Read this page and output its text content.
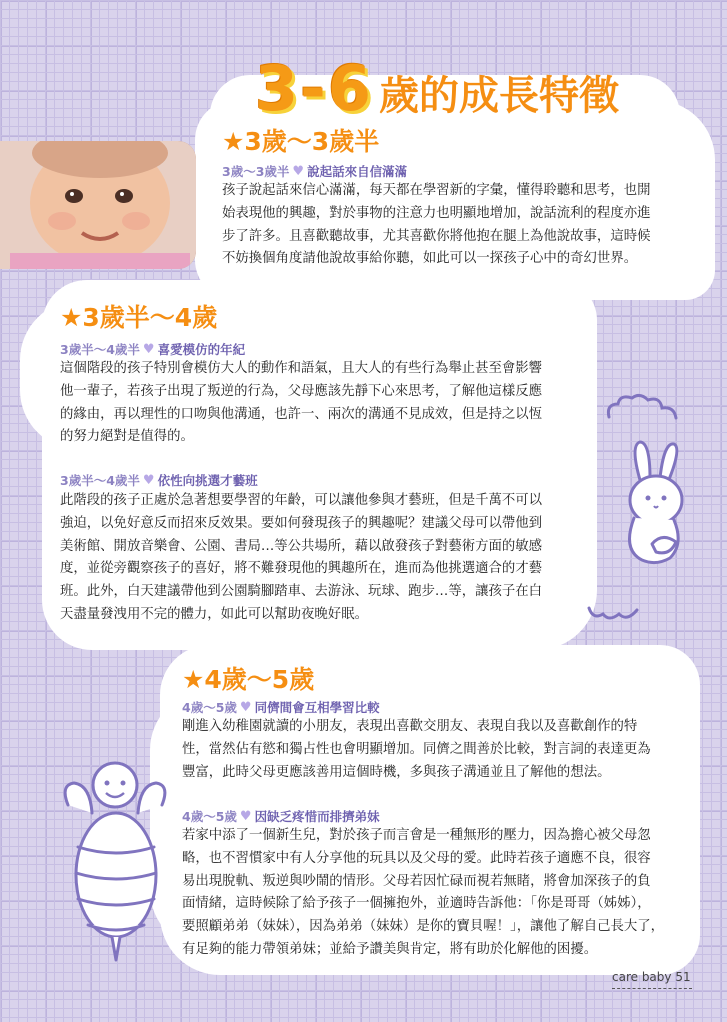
3-6 歲的成長特徵
★3歲～3歲半
3歲～3歲半 ♥ 說起話來自信滿滿
孩子說起話來信心滿滿，每天都在學習新的字彙，懂得聆聽和思考，也開
始表現他的興趣，對於事物的注意力也明顯地增加，說話流利的程度亦進
步了許多。且喜歡聽故事，尤其喜歡你將他抱在腿上為他說故事，這時候
不妨換個角度請他說故事給你聽，如此可以一探孩子心中的奇幻世界。
★3歲半～4歲
3歲半～4歲半 ♥ 喜愛模仿的年紀
這個階段的孩子特別會模仿大人的動作和語氣，且大人的有些行為舉止甚至會影響
他一輩子，若孩子出現了叛逆的行為，父母應該先靜下心來思考，了解他這樣反應
的緣由，再以理性的口吻與他溝通，也許一、兩次的溝通不見成效，但是持之以恆
的努力絕對是值得的。
3歲半～4歲半 ♥ 依性向挑選才藝班
此階段的孩子正處於急著想要學習的年齡，可以讓他參與才藝班，但是千萬不可以
強迫，以免好意反而招來反效果。要如何發現孩子的興趣呢？建議父母可以帶他到
美術館、開放音樂會、公園、書局…等公共場所，藉以啟發孩子對藝術方面的敏感
度，並從旁觀察孩子的喜好，將不難發現他的興趣所在，進而為他挑選適合的才藝
班。此外，白天建議帶他到公園騎腳踏車、去游泳、玩球、跑步…等，讓孩子在白
天盡量發洩用不完的體力，如此可以幫助夜晚好眠。
★4歲～5歲
4歲～5歲 ♥ 同儕間會互相學習比較
剛進入幼稚園就讀的小朋友，表現出喜歡交朋友、表現自我以及喜歡創作的特
性，當然佔有慾和獨占性也會明顯增加。同儕之間善於比較，對言詞的表達更為
豐富，此時父母更應該善用這個時機，多與孩子溝通並且了解他的想法。
4歲～5歲 ♥ 因缺乏疼惜而排擠弟妹
若家中添了一個新生兒，對於孩子而言會是一種無形的壓力，因為擔心被父母忽
略，也不習慣家中有人分享他的玩具以及父母的愛。此時若孩子適應不良，很容
易出現脫軌、叛逆與吵鬧的情形。父母若因忙碌而視若無睹，將會加深孩子的負
面情緒，這時候除了給予孩子一個擁抱外，並適時告訴他：「你是哥哥（姊姊），
要照顧弟弟（妹妹），因為弟弟（妹妹）是你的寶貝喔！」，讓他了解自己長大了，
有足夠的能力帶領弟妹；並給予讚美與肯定，將有助於化解他的困擾。
care baby 51
